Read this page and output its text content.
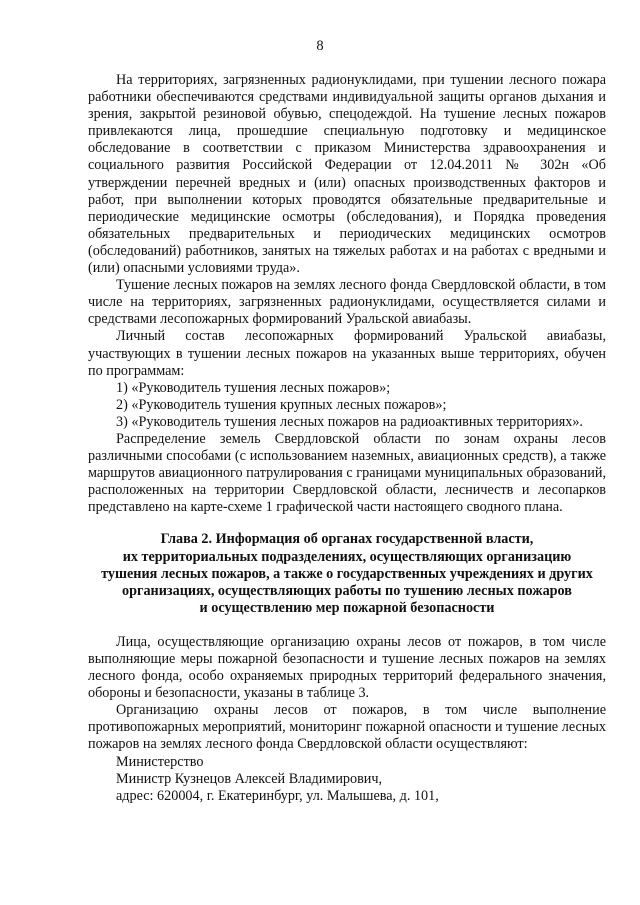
8

На территориях, загрязненных радионуклидами, при тушении лесного пожара работники обеспечиваются средствами индивидуальной защиты органов дыхания и зрения, закрытой резиновой обувью, спецодеждой. На тушение лесных пожаров привлекаются лица, прошедшие специальную подготовку и медицинское обследование в соответствии с приказом Министерства здравоохранения и социального развития Российской Федерации от 12.04.2011 № 302н «Об утверждении перечней вредных и (или) опасных производственных факторов и работ, при выполнении которых проводятся обязательные предварительные и периодические медицинские осмотры (обследования), и Порядка проведения обязательных предварительных и периодических медицинских осмотров (обследований) работников, занятых на тяжелых работах и на работах с вредными и (или) опасными условиями труда».

Тушение лесных пожаров на землях лесного фонда Свердловской области, в том числе на территориях, загрязненных радионуклидами, осуществляется силами и средствами лесопожарных формирований Уральской авиабазы.

Личный состав лесопожарных формирований Уральской авиабазы, участвующих в тушении лесных пожаров на указанных выше территориях, обучен по программам:

1) «Руководитель тушения лесных пожаров»;

2) «Руководитель тушения крупных лесных пожаров»;

3) «Руководитель тушения лесных пожаров на радиоактивных территориях».

Распределение земель Свердловской области по зонам охраны лесов различными способами (с использованием наземных, авиационных средств), а также маршрутов авиационного патрулирования с границами муниципальных образований, расположенных на территории Свердловской области, лесничеств и лесопарков представлено на карте-схеме 1 графической части настоящего сводного плана.

Глава 2. Информация об органах государственной власти,
их территориальных подразделениях, осуществляющих организацию
тушения лесных пожаров, а также о государственных учреждениях и других
организациях, осуществляющих работы по тушению лесных пожаров
и осуществлению мер пожарной безопасности

Лица, осуществляющие организацию охраны лесов от пожаров, в том числе выполняющие меры пожарной безопасности и тушение лесных пожаров на землях лесного фонда, особо охраняемых природных территорий федерального значения, обороны и безопасности, указаны в таблице 3.

Организацию охраны лесов от пожаров, в том числе выполнение противопожарных мероприятий, мониторинг пожарной опасности и тушение лесных пожаров на землях лесного фонда Свердловской области осуществляют:

Министерство

Министр Кузнецов Алексей Владимирович,

адрес: 620004, г. Екатеринбург, ул. Малышева, д. 101,
